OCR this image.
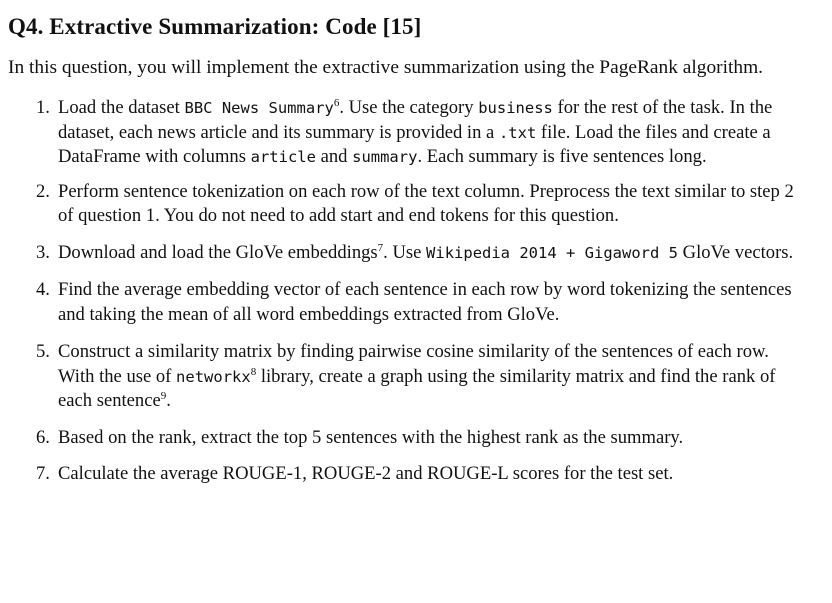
Q4. Extractive Summarization: Code [15]

In this question, you will implement the extractive summarization using the PageRank algorithm.

1. Load the dataset BBC News Summary$^6$. Use the category business for the rest of the task. In the dataset, each news article and its summary is provided in a .txt file. Load the files and create a DataFrame with columns article and summary. Each summary is five sentences long.
2. Perform sentence tokenization on each row of the text column. Preprocess the text similar to step 2 of question 1. You do not need to add start and end tokens for this question.
3. Download and load the GloVe embeddings$^7$. Use Wikipedia 2014 + Gigaword 5 GloVe vectors.
4. Find the average embedding vector of each sentence in each row by word tokenizing the sentences and taking the mean of all word embeddings extracted from GloVe.
5. Construct a similarity matrix by finding pairwise cosine similarity of the sentences of each row. With the use of networkx$^8$ library, create a graph using the similarity matrix and find the rank of each sentence$^9$.
6. Based on the rank, extract the top 5 sentences with the highest rank as the summary.
7. Calculate the average ROUGE-1, ROUGE-2 and ROUGE-L scores for the test set.
